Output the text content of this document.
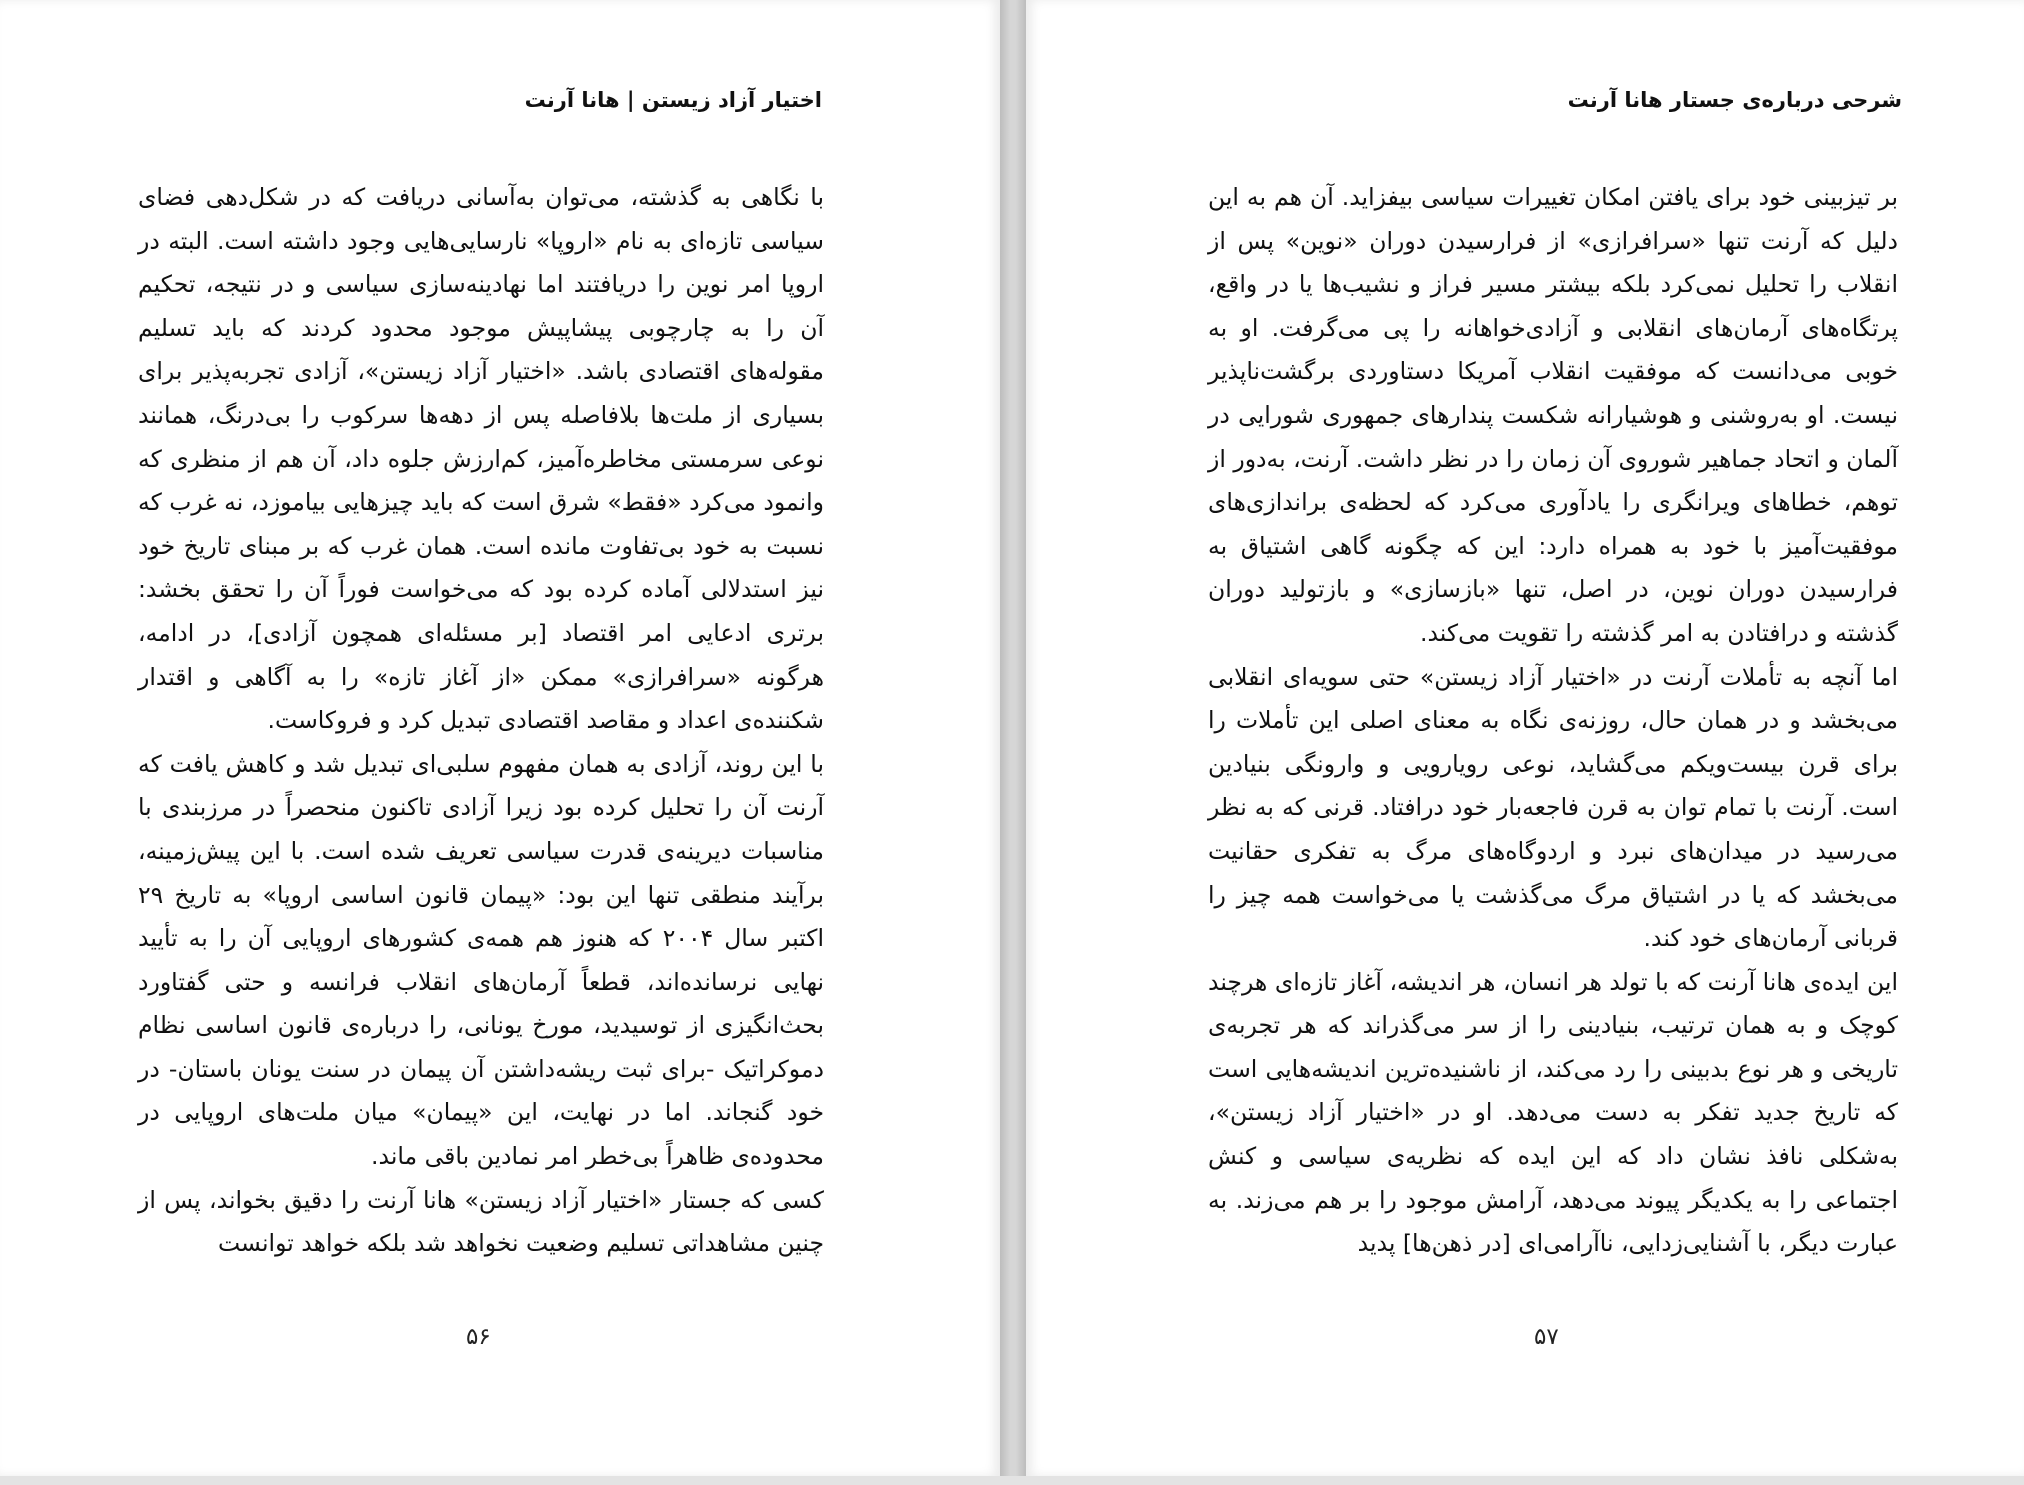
اختیار آزاد زیستن | هانا آرنت

با نگاهی به گذشته، می‌توان به‌آسانی دریافت که در شکل‌دهی فضای سیاسی تازه‌ای به نام «اروپا» نارسایی‌هایی وجود داشته است. البته در اروپا امر نوین را دریافتند اما نهادینه‌سازی سیاسی و در نتیجه، تحکیم آن را به چارچوبی پیشاپیش موجود محدود کردند که باید تسلیم مقوله‌های اقتصادی باشد. «اختیار آزاد زیستن»، آزادی تجربه‌پذیر برای بسیاری از ملت‌ها بلافاصله پس از دهه‌ها سرکوب را بی‌درنگ، همانند نوعی سرمستی مخاطره‌آمیز، کم‌ارزش جلوه داد، آن هم از منظری که وانمود می‌کرد «فقط» شرق است که باید چیزهایی بیاموزد، نه غرب که نسبت به خود بی‌تفاوت مانده است. همان غرب که بر مبنای تاریخ خود نیز استدلالی آماده کرده بود که می‌خواست فوراً آن را تحقق بخشد: برتری ادعایی امر اقتصاد [بر مسئله‌ای همچون آزادی]، در ادامه، هرگونه «سرافرازی» ممکن «از آغاز تازه» را به آگاهی و اقتدار شکننده‌ی اعداد و مقاصد اقتصادی تبدیل کرد و فروکاست.

با این روند، آزادی به همان مفهوم سلبی‌ای تبدیل شد و کاهش یافت که آرنت آن را تحلیل کرده بود زیرا آزادی تاکنون منحصراً در مرزبندی با مناسبات دیرینه‌ی قدرت سیاسی تعریف شده است. با این پیش‌زمینه، برآیند منطقی تنها این بود: «پیمان قانون اساسی اروپا» به تاریخ ۲۹ اکتبر سال ۲۰۰۴ که هنوز هم همه‌ی کشورهای اروپایی آن را به تأیید نهایی نرسانده‌اند، قطعاً آرمان‌های انقلاب فرانسه و حتی گفتاورد بحث‌انگیزی از توسیدید، مورخ یونانی، را درباره‌ی قانون اساسی نظام دموکراتیک -برای ثبت ریشه‌داشتن آن پیمان در سنت یونان باستان- در خود گنجاند. اما در نهایت، این «پیمان» میان ملت‌های اروپایی در محدوده‌ی ظاهراً بی‌خطر امر نمادین باقی ماند.

کسی که جستار «اختیار آزاد زیستن» هانا آرنت را دقیق بخواند، پس از چنین مشاهداتی تسلیم وضعیت نخواهد شد بلکه خواهد توانست

۵۶
شرحی درباره‌ی جستار هانا آرنت

بر تیزبینی خود برای یافتن امکان تغییرات سیاسی بیفزاید. آن هم به این دلیل که آرنت تنها «سرافرازی» از فرارسیدن دوران «نوین» پس از انقلاب را تحلیل نمی‌کرد بلکه بیشتر مسیر فراز و نشیب‌ها یا در واقع، پرتگاه‌های آرمان‌های انقلابی و آزادی‌خواهانه را پی می‌گرفت. او به خوبی می‌دانست که موفقیت انقلاب آمریکا دستاوردی برگشت‌ناپذیر نیست. او به‌روشنی و هوشیارانه شکست پندارهای جمهوری شورایی در آلمان و اتحاد جماهیر شوروی آن زمان را در نظر داشت. آرنت، به‌دور از توهم، خطاهای ویرانگری را یادآوری می‌کرد که لحظه‌ی براندازی‌های موفقیت‌آمیز با خود به همراه دارد: این که چگونه گاهی اشتیاق به فرارسیدن دوران نوین، در اصل، تنها «بازسازی» و بازتولید دوران گذشته و درافتادن به امر گذشته را تقویت می‌کند.

اما آنچه به تأملات آرنت در «اختیار آزاد زیستن» حتی سویه‌ای انقلابی می‌بخشد و در همان حال، روزنه‌ی نگاه به معنای اصلی این تأملات را برای قرن بیست‌ویکم می‌گشاید، نوعی رویارویی و وارونگی بنیادین است. آرنت با تمام توان به قرن فاجعه‌بار خود درافتاد. قرنی که به نظر می‌رسید در میدان‌های نبرد و اردوگاه‌های مرگ به تفکری حقانیت می‌بخشد که یا در اشتیاق مرگ می‌گذشت یا می‌خواست همه چیز را قربانی آرمان‌های خود کند.

این ایده‌ی هانا آرنت که با تولد هر انسان، هر اندیشه، آغاز تازه‌ای هرچند کوچک و به همان ترتیب، بنیادینی را از سر می‌گذراند که هر تجربه‌ی تاریخی و هر نوع بدبینی را رد می‌کند، از ناشنیده‌ترین اندیشه‌هایی است که تاریخ جدید تفکر به دست می‌دهد. او در «اختیار آزاد زیستن»، به‌شکلی نافذ نشان داد که این ایده که نظریه‌ی سیاسی و کنش اجتماعی را به یکدیگر پیوند می‌دهد، آرامش موجود را بر هم می‌زند. به عبارت دیگر، با آشنایی‌زدایی، ناآرامی‌ای [در ذهن‌ها] پدید

۵۷
